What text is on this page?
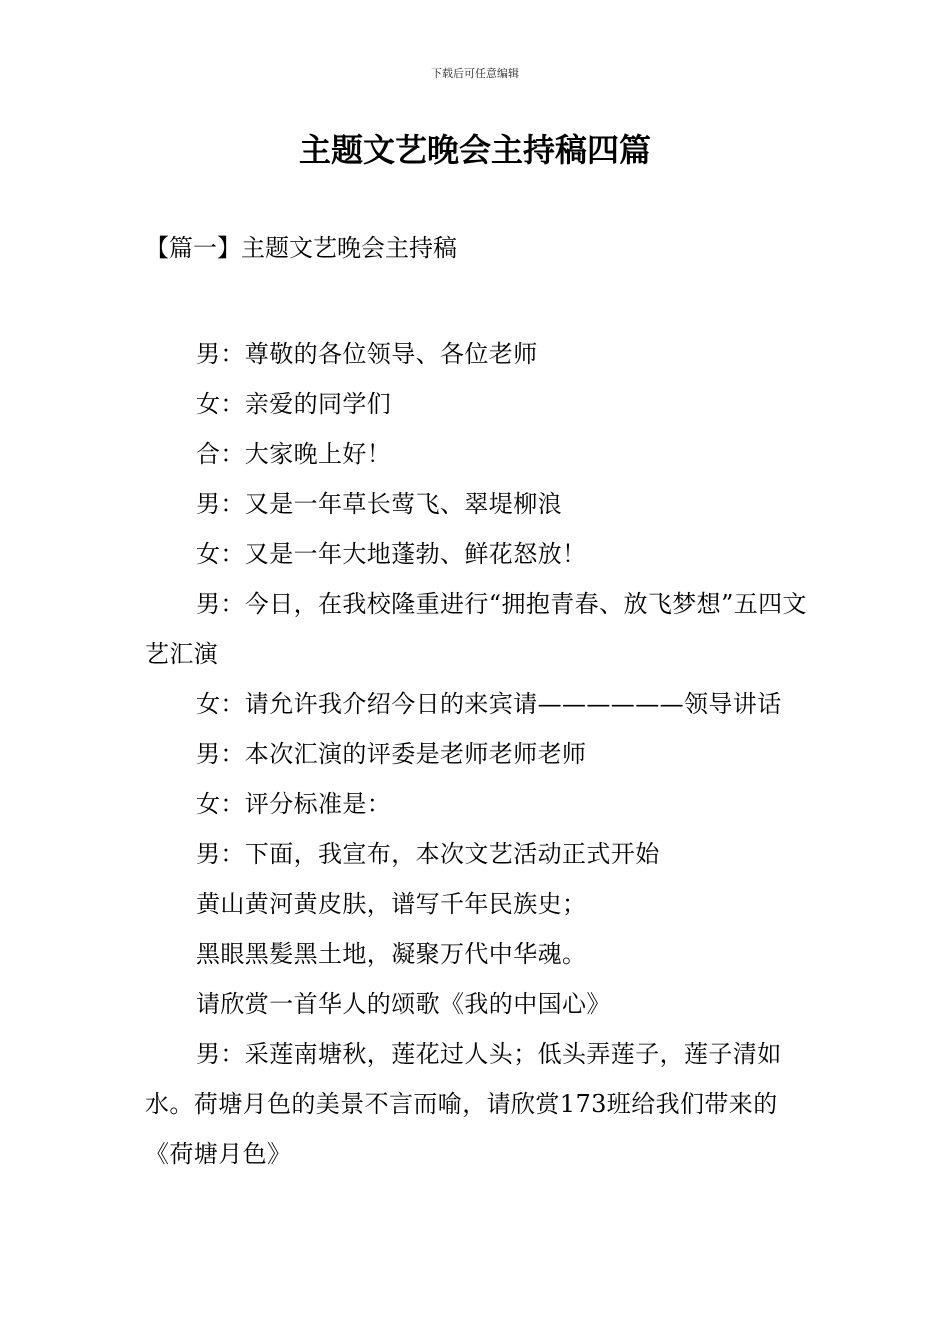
下载后可任意编辑
主题文艺晚会主持稿四篇
【篇一】主题文艺晚会主持稿

男：尊敬的各位领导、各位老师

女：亲爱的同学们

合：大家晚上好！

男：又是一年草长莺飞、翠堤柳浪

女：又是一年大地蓬勃、鲜花怒放！

男：今日，在我校隆重进行“拥抱青春、放飞梦想”五四文艺汇演

女：请允许我介绍今日的来宾请——————领导讲话

男：本次汇演的评委是老师老师老师

女：评分标准是：

男：下面，我宣布，本次文艺活动正式开始

黄山黄河黄皮肤，谱写千年民族史；

黑眼黑髪黑土地，凝聚万代中华魂。

请欣赏一首华人的颂歌《我的中国心》

男：采莲南塘秋，莲花过人头；低头弄莲子，莲子清如水。荷塘月色的美景不言而喻，请欣赏173班给我们带来的《荷塘月色》
